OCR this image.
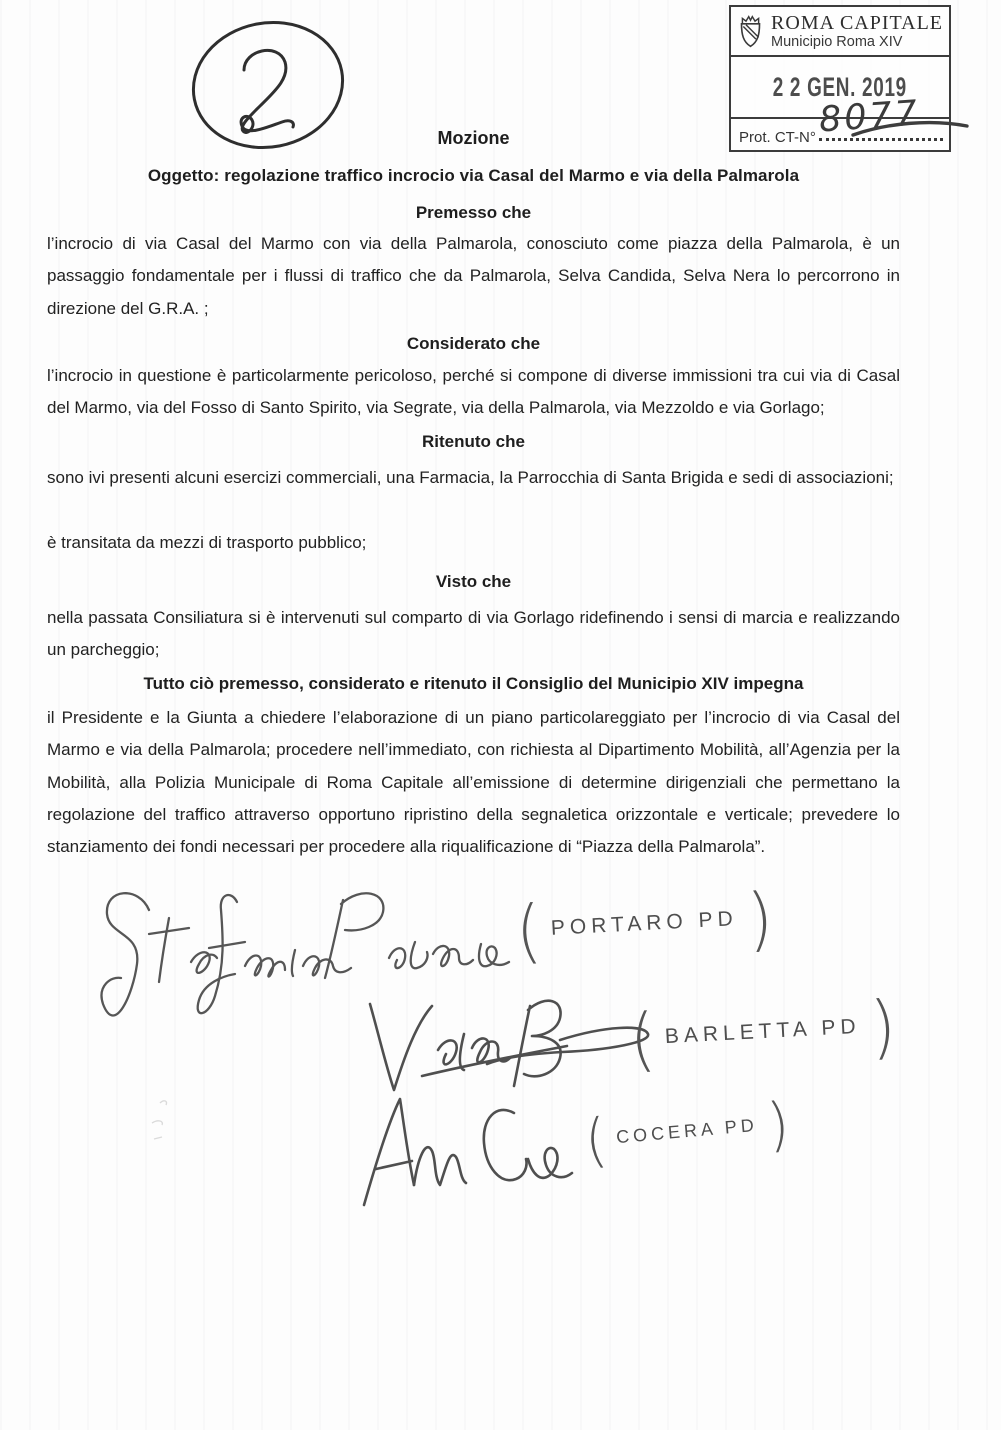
ROMA CAPITALE
Municipio Roma XIV
2 2 GEN. 2019
Prot. CT-N° 8077
Mozione
Oggetto: regolazione traffico incrocio via Casal del Marmo e via della Palmarola
Premesso che

l’incrocio di via Casal del Marmo con via della Palmarola, conosciuto come piazza della Palmarola, è un passaggio fondamentale per i flussi di traffico che da Palmarola, Selva Candida, Selva Nera lo percorrono in direzione del G.R.A. ;

Considerato che

l’incrocio in questione è particolarmente pericoloso, perché si compone di diverse immissioni tra cui via di Casal del Marmo, via del Fosso di Santo Spirito, via Segrate, via della Palmarola, via Mezzoldo e via Gorlago;

Ritenuto che

sono ivi presenti alcuni esercizi commerciali, una Farmacia, la Parrocchia di Santa Brigida e sedi di associazioni;

è transitata da mezzi di trasporto pubblico;

Visto che

nella passata Consiliatura si è intervenuti sul comparto di via Gorlago ridefinendo i sensi di marcia e realizzando un parcheggio;

Tutto ciò premesso, considerato e ritenuto il Consiglio del Municipio XIV impegna

il Presidente e la Giunta a chiedere l’elaborazione di un piano particolareggiato per l’incrocio di via Casal del Marmo e via della Palmarola; procedere nell’immediato, con richiesta al Dipartimento Mobilità, all’Agenzia per la Mobilità, alla Polizia Municipale di Roma Capitale all’emissione di determine dirigenziali che permettano la regolazione del traffico attraverso opportuno ripristino della segnaletica orizzontale e verticale; prevedere lo stanziamento dei fondi necessari per procedere alla riqualificazione di “Piazza della Palmarola”.

( PORTARO PD )
( BARLETTA PD )
( COCERA PD )
